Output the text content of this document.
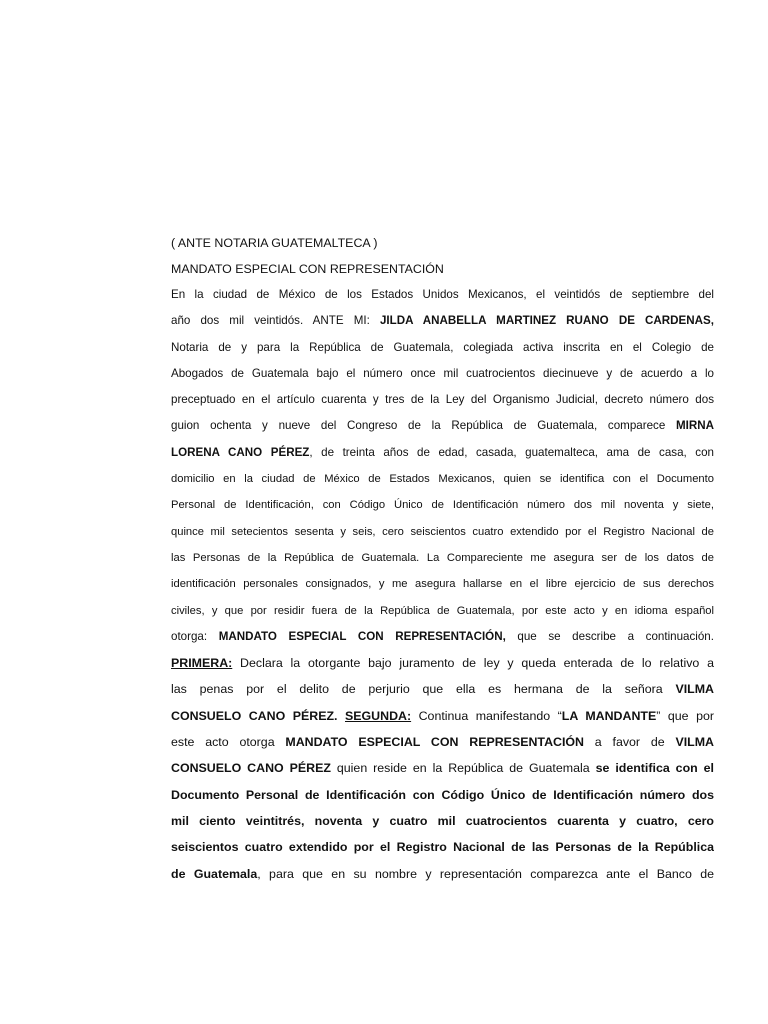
( ANTE NOTARIA GUATEMALTECA )
MANDATO ESPECIAL CON REPRESENTACIÓN
En la ciudad de México de los Estados Unidos Mexicanos, el veintidós de septiembre del
año dos mil veintidós. ANTE MI: JILDA ANABELLA MARTINEZ RUANO DE CARDENAS,
Notaria de y para la República de Guatemala, colegiada activa inscrita en el Colegio de
Abogados de Guatemala bajo el número once mil cuatrocientos diecinueve y de acuerdo a lo
preceptuado en el artículo cuarenta y tres de la Ley del Organismo Judicial, decreto número dos
guion ochenta y nueve del Congreso de la República de Guatemala, comparece MIRNA
LORENA CANO PÉREZ, de treinta años de edad, casada, guatemalteca, ama de casa, con
domicilio en la ciudad de México de Estados Mexicanos, quien se identifica con el Documento
Personal de Identificación, con Código Único de Identificación número dos mil noventa y siete,
quince mil setecientos sesenta y seis, cero seiscientos cuatro extendido por el Registro Nacional de
las Personas de la República de Guatemala. La Compareciente me asegura ser de los datos de
identificación personales consignados, y me asegura hallarse en el libre ejercicio de sus derechos
civiles, y que por residir fuera de la República de Guatemala, por este acto y en idioma español
otorga: MANDATO ESPECIAL CON REPRESENTACIÓN, que se describe a continuación.
PRIMERA: Declara la otorgante bajo juramento de ley y queda enterada de lo relativo a
las penas por el delito de perjurio que ella es hermana de la señora VILMA
CONSUELO CANO PÉREZ. SEGUNDA: Continua manifestando “LA MANDANTE” que por
este acto otorga MANDATO ESPECIAL CON REPRESENTACIÓN a favor de VILMA
CONSUELO CANO PÉREZ quien reside en la República de Guatemala se identifica con el
Documento Personal de Identificación con Código Único de Identificación número dos
mil ciento veintitrés, noventa y cuatro mil cuatrocientos cuarenta y cuatro, cero
seiscientos cuatro extendido por el Registro Nacional de las Personas de la República
de Guatemala, para que en su nombre y representación comparezca ante el Banco de
